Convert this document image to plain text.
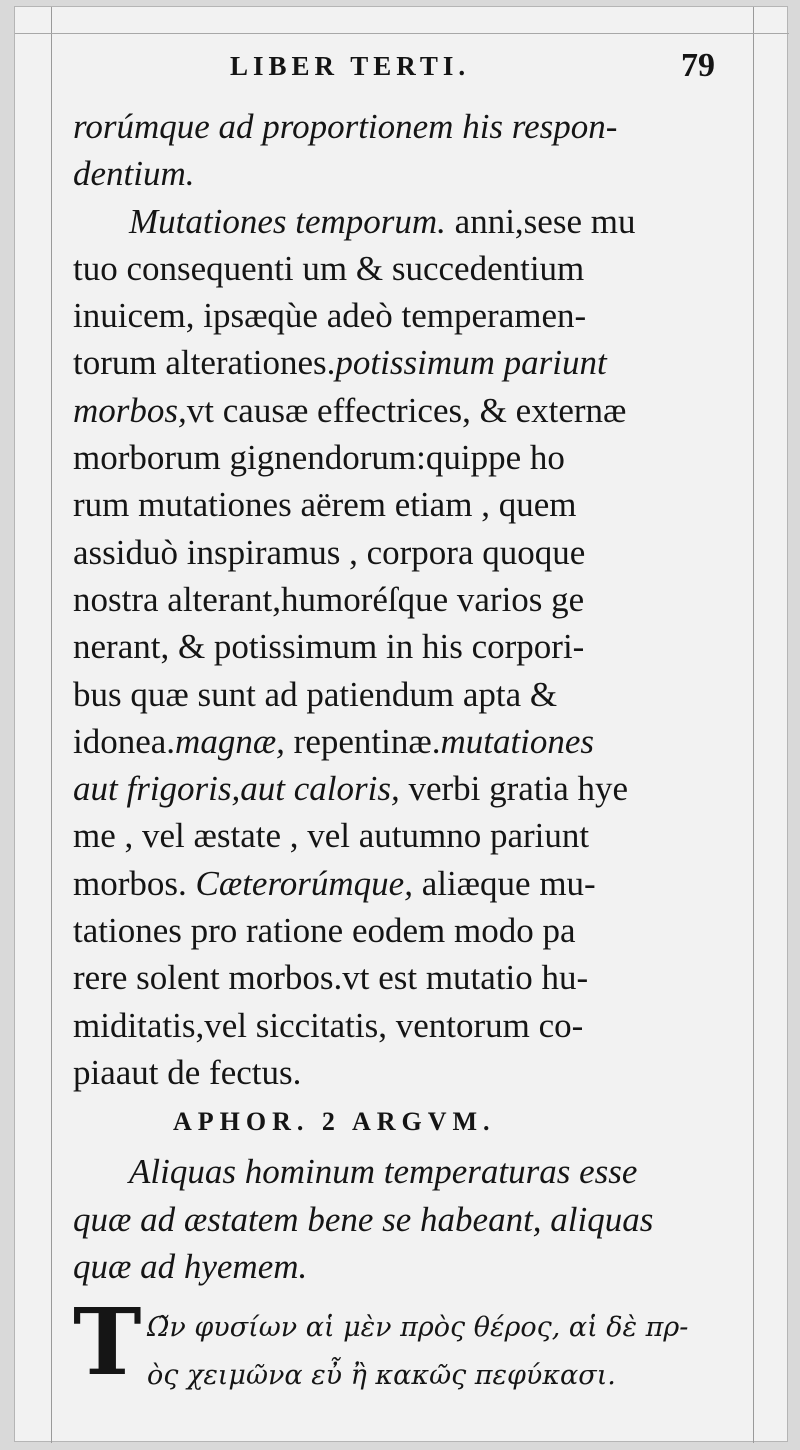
LIBER TERTI.	79
rorúmque ad proportionem his respon-
dentium.
Mutationes temporum. anni,sese mu
tuo consequenti um & succedentium
inuicem, ipsæqùe adeò temperamen-
torum alterationes.potissimum pariunt
morbos,vt causæ effectrices, & externæ
morborum gignendorum:quippe ho
rum mutationes aërem etiam , quem
assiduò inspiramus , corpora quoque
nostra alterant,humoréſque varios ge
nerant, & potissimum in his corpori-
bus quæ sunt ad patiendum apta &
idonea.magnæ, repentinæ.mutationes
aut frigoris,aut caloris, verbi gratia hye
me , vel æstate , vel autumno pariunt
morbos. Cæterorúmque, aliæque mu-
tationes pro ratione eodem modo pa
rere solent morbos.vt est mutatio hu-
miditatis,vel siccitatis, ventorum co-
piaaut de fectus.
APHOR. 2 ARGVM.
Aliquas hominum temperaturas esse
quæ ad æstatem bene se habeant, aliquas
quæ ad hyemem.
T Ω̃ν φυσίων αἱ μὲν πρὸς θέρος, αἱ δὲ πρ-
ὸς χειμῶνα εὖ ἢ κακῶς πεφύκασι.
